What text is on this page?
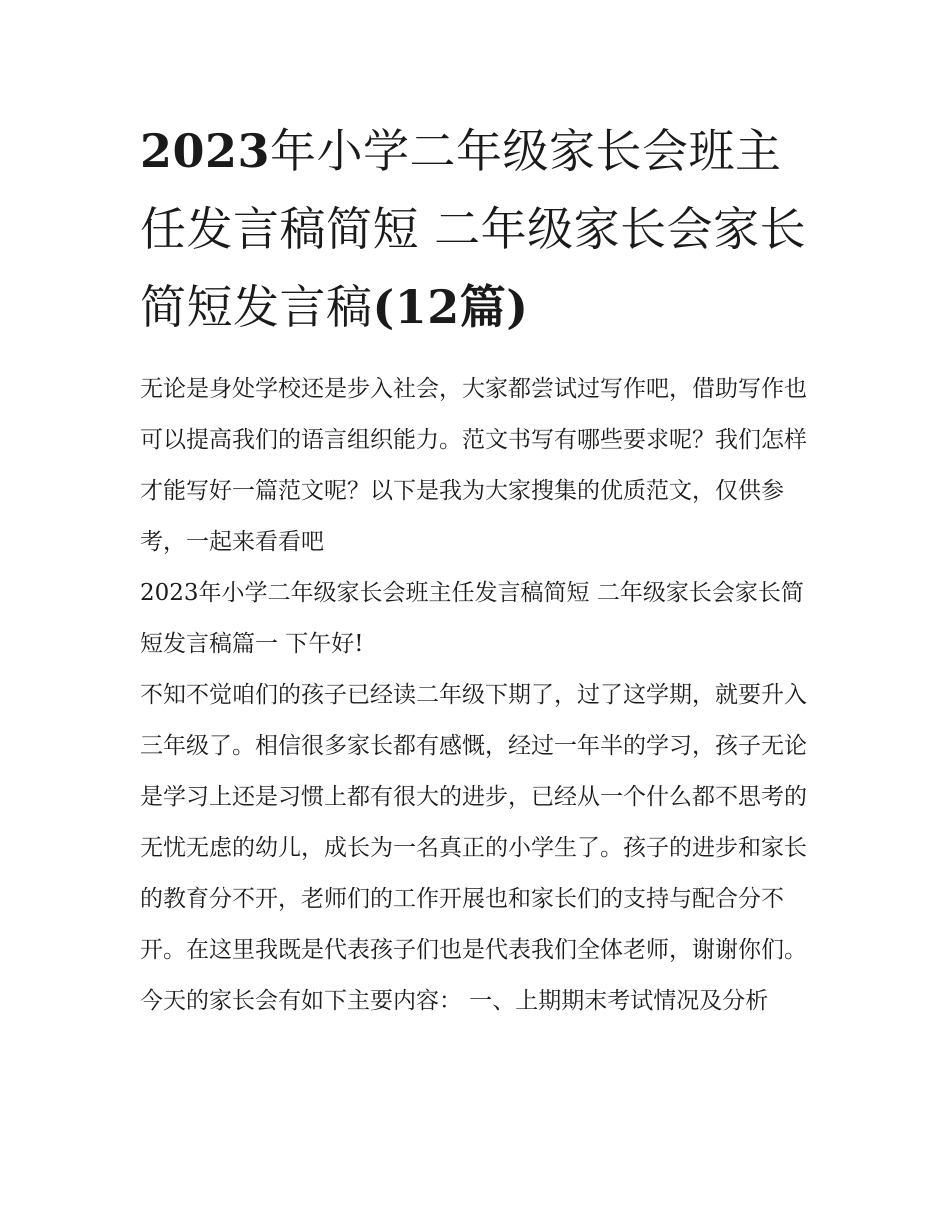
2023年小学二年级家长会班主任发言稿简短 二年级家长会家长简短发言稿(12篇)

无论是身处学校还是步入社会，大家都尝试过写作吧，借助写作也可以提高我们的语言组织能力。范文书写有哪些要求呢？我们怎样才能写好一篇范文呢？以下是我为大家搜集的优质范文，仅供参考，一起来看看吧

2023年小学二年级家长会班主任发言稿简短 二年级家长会家长简短发言稿篇一 下午好!

不知不觉咱们的孩子已经读二年级下期了，过了这学期，就要升入三年级了。相信很多家长都有感慨，经过一年半的学习，孩子无论是学习上还是习惯上都有很大的进步，已经从一个什么都不思考的无忧无虑的幼儿，成长为一名真正的小学生了。孩子的进步和家长的教育分不开，老师们的工作开展也和家长们的支持与配合分不开。在这里我既是代表孩子们也是代表我们全体老师，谢谢你们。

今天的家长会有如下主要内容： 一、上期期末考试情况及分析
